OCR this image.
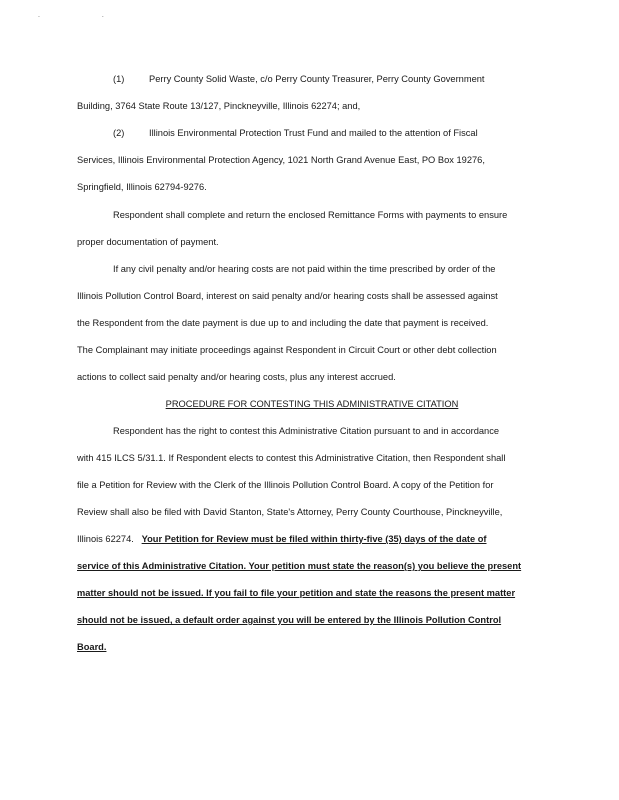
. .
(1)	Perry County Solid Waste, c/o Perry County Treasurer, Perry County Government
Building, 3764 State Route 13/127, Pinckneyville, Illinois 62274; and,
(2)	Illinois Environmental Protection Trust Fund and mailed to the attention of Fiscal
Services, Illinois Environmental Protection Agency, 1021 North Grand Avenue East, PO Box 19276,
Springfield, Illinois 62794-9276.
Respondent shall complete and return the enclosed Remittance Forms with payments to ensure
proper documentation of payment.
If any civil penalty and/or hearing costs are not paid within the time prescribed by order of the
Illinois Pollution Control Board, interest on said penalty and/or hearing costs shall be assessed against
the Respondent from the date payment is due up to and including the date that payment is received.
The Complainant may initiate proceedings against Respondent in Circuit Court or other debt collection
actions to collect said penalty and/or hearing costs, plus any interest accrued.
PROCEDURE FOR CONTESTING THIS ADMINISTRATIVE CITATION
Respondent has the right to contest this Administrative Citation pursuant to and in accordance
with 415 ILCS 5/31.1. If Respondent elects to contest this Administrative Citation, then Respondent shall
file a Petition for Review with the Clerk of the Illinois Pollution Control Board. A copy of the Petition for
Review shall also be filed with David Stanton, State's Attorney, Perry County Courthouse, Pinckneyville,
Illinois 62274.   Your Petition for Review must be filed within thirty-five (35) days of the date of
service of this Administrative Citation. Your petition must state the reason(s) you believe the present
matter should not be issued. If you fail to file your petition and state the reasons the present matter
should not be issued, a default order against you will be entered by the Illinois Pollution Control
Board.
